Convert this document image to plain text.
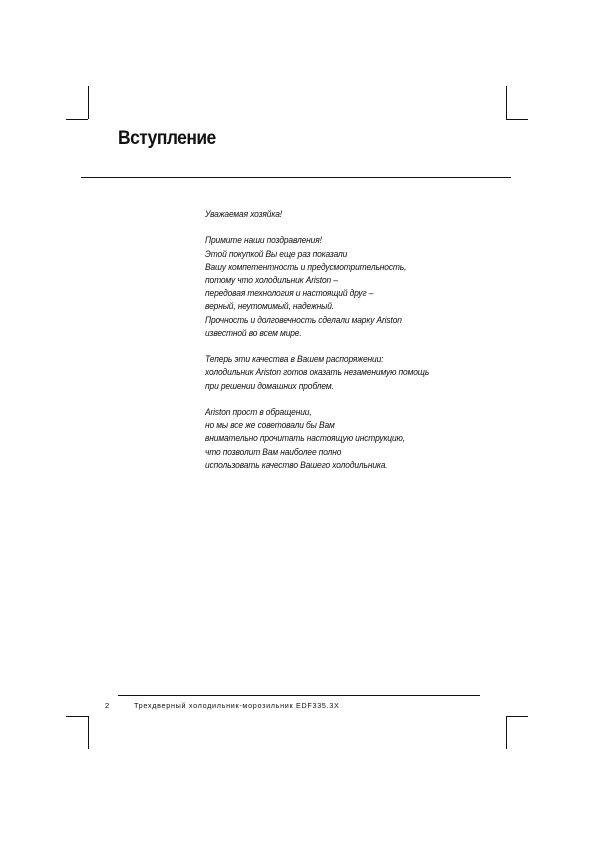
Вступление

Уважаемая хозяйка!

Примите наши поздравления!
Этой покупкой Вы еще раз показали
Вашу компетентность и предусмотрительность,
потому что холодильник Ariston –
передовая технология и настоящий друг –
верный, неутомимый, надежный.
Прочность и долговечность сделали марку Ariston
известной во всем мире.

Теперь эти качества в Вашем распоряжении:
холодильник Ariston готов оказать незаменимую помощь
при решении домашних проблем.

Ariston прост в обращении,
но мы все же советовали бы Вам
внимательно прочитать настоящую инструкцию,
что позволит Вам наиболее полно
использовать качество Вашего холодильника.

2	Трехдверный холодильник-морозильник EDF335.3X
